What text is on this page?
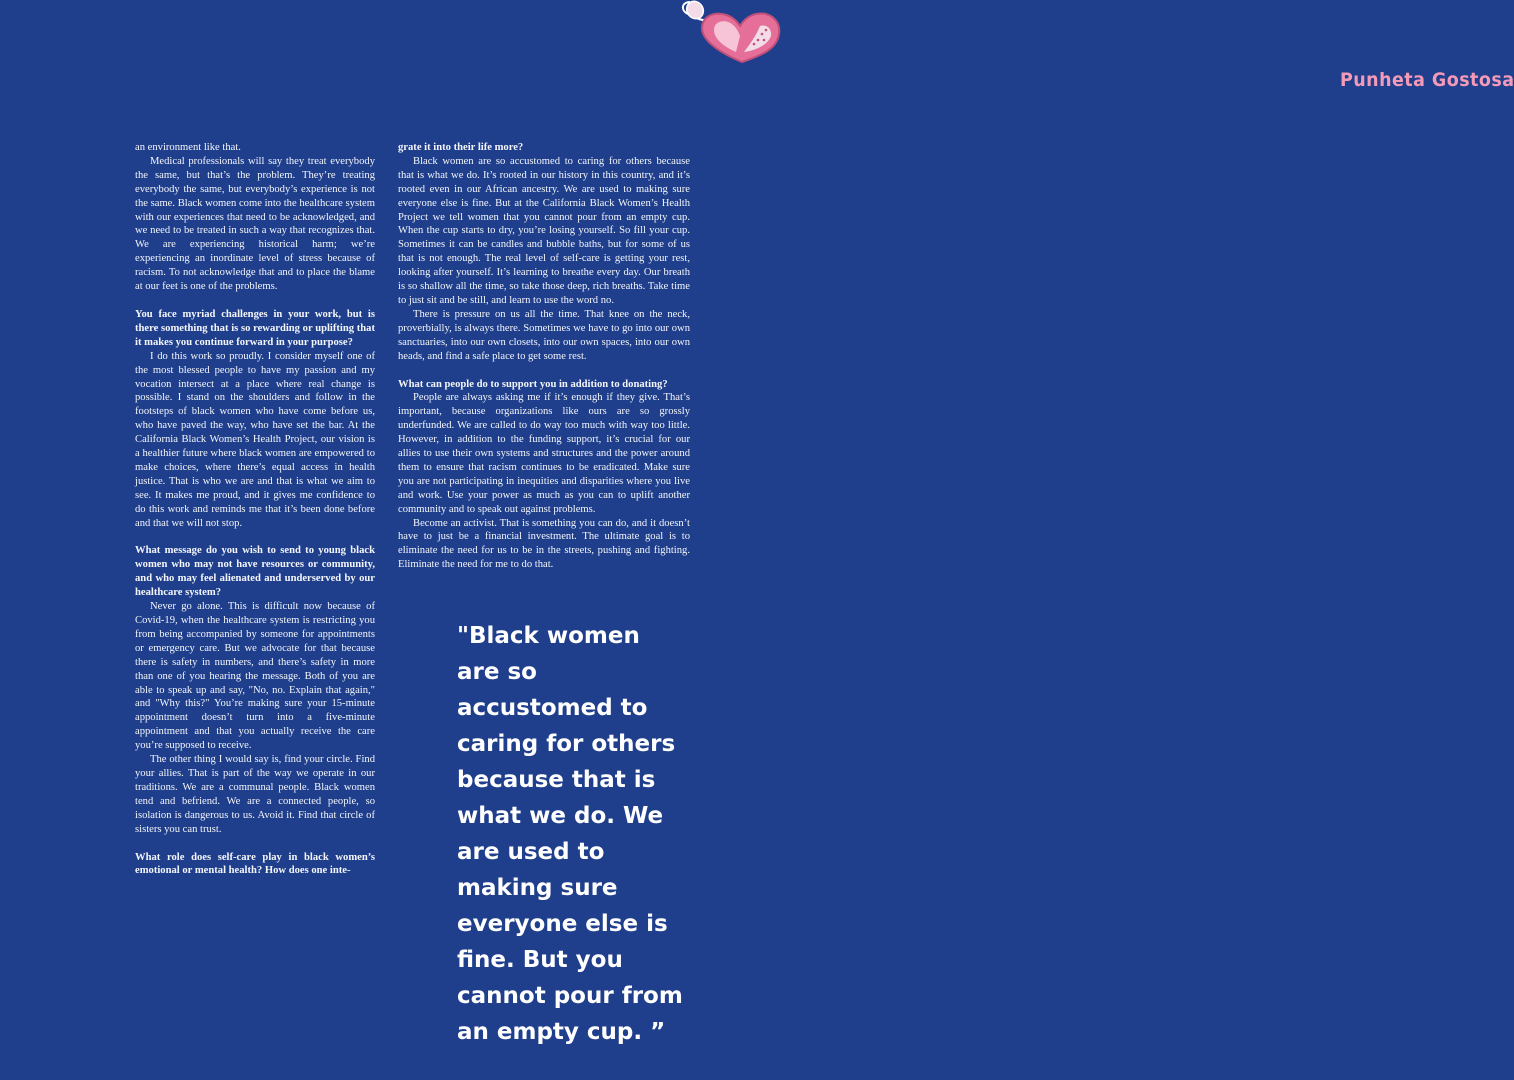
Punheta Gostosa

an environment like that.

Medical professionals will say they treat everybody the same, but that’s the problem. They’re treating everybody the same, but everybody’s experience is not the same. Black women come into the healthcare system with our experiences that need to be acknowledged, and we need to be treated in such a way that recognizes that. We are experiencing historical harm; we’re experiencing an inordinate level of stress because of racism. To not acknowledge that and to place the blame at our feet is one of the problems.

You face myriad challenges in your work, but is there something that is so rewarding or uplifting that it makes you continue forward in your purpose?

I do this work so proudly. I consider myself one of the most blessed people to have my passion and my vocation intersect at a place where real change is possible. I stand on the shoulders and follow in the footsteps of black women who have come before us, who have paved the way, who have set the bar. At the California Black Women’s Health Project, our vision is a healthier future where black women are empowered to make choices, where there’s equal access in health justice. That is who we are and that is what we aim to see. It makes me proud, and it gives me confidence to do this work and reminds me that it’s been done before and that we will not stop.

What message do you wish to send to young black women who may not have resources or community, and who may feel alienated and underserved by our healthcare system?

Never go alone. This is difficult now because of Covid-19, when the healthcare system is restricting you from being accompanied by someone for appointments or emergency care. But we advocate for that because there is safety in numbers, and there’s safety in more than one of you hearing the message. Both of you are able to speak up and say, "No, no. Explain that again," and "Why this?" You’re making sure your 15-minute appointment doesn’t turn into a five-minute appointment and that you actually receive the care you’re supposed to receive.

The other thing I would say is, find your circle. Find your allies. That is part of the way we operate in our traditions. We are a communal people. Black women tend and befriend. We are a connected people, so isolation is dangerous to us. Avoid it. Find that circle of sisters you can trust.

What role does self-care play in black women’s emotional or mental health? How does one inte-

grate it into their life more?

Black women are so accustomed to caring for others because that is what we do. It’s rooted in our history in this country, and it’s rooted even in our African ancestry. We are used to making sure everyone else is fine. But at the California Black Women’s Health Project we tell women that you cannot pour from an empty cup. When the cup starts to dry, you’re losing yourself. So fill your cup. Sometimes it can be candles and bubble baths, but for some of us that is not enough. The real level of self-care is getting your rest, looking after yourself. It’s learning to breathe every day. Our breath is so shallow all the time, so take those deep, rich breaths. Take time to just sit and be still, and learn to use the word no.

There is pressure on us all the time. That knee on the neck, proverbially, is always there. Sometimes we have to go into our own sanctuaries, into our own closets, into our own spaces, into our own heads, and find a safe place to get some rest.

What can people do to support you in addition to donating?

People are always asking me if it’s enough if they give. That’s important, because organizations like ours are so grossly underfunded. We are called to do way too much with way too little. However, in addition to the funding support, it’s crucial for our allies to use their own systems and structures and the power around them to ensure that racism continues to be eradicated. Make sure you are not participating in inequities and disparities where you live and work. Use your power as much as you can to uplift another community and to speak out against problems.

Become an activist. That is something you can do, and it doesn’t have to just be a financial investment. The ultimate goal is to eliminate the need for us to be in the streets, pushing and fighting. Eliminate the need for me to do that.

"Black women are so accustomed to caring for others because that is what we do. We are used to making sure everyone else is fine. But you cannot pour from an empty cup. ”
